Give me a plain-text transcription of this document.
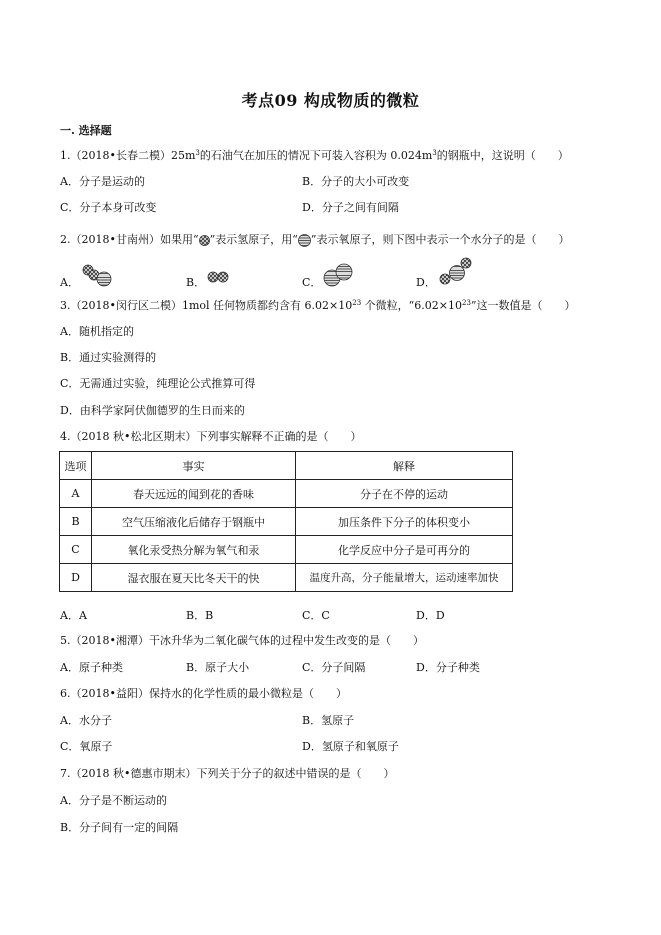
考点09 构成物质的微粒
一. 选择题
1.（2018•长春二模）$25m^3$的石油气在加压的情况下可装入容积为 $0.024m^3$的钢瓶中，这说明（　　）
A．分子是运动的	B．分子的大小可改变
C．分子本身可改变	D．分子之间有间隔
2.（2018•甘南州）如果用“ ”表示氢原子，用“ ”表示氧原子，则下图中表示一个水分子的是（　　）
A．	B．	C．	D．
3.（2018•闵行区二模）1mol 任何物质都约含有 $6.02\times 10^{23}$ 个微粒，“$6.02\times 10^{23}$”这一数值是（　　）
A．随机指定的
B．通过实验测得的
C．无需通过实验，纯理论公式推算可得
D．由科学家阿伏伽德罗的生日而来的
4.（2018 秋•松北区期末）下列事实解释不正确的是（　　）
选项	事实	解释
A	春天远远的闻到花的香味	分子在不停的运动
B	空气压缩液化后储存于钢瓶中	加压条件下分子的体积变小
C	氧化汞受热分解为氧气和汞	化学反应中分子是可再分的
D	湿衣服在夏天比冬天干的快	温度升高，分子能量增大，运动速率加快
A．A	B．B	C．C	D．D
5.（2018•湘潭）干冰升华为二氧化碳气体的过程中发生改变的是（　　）
A．原子种类	B．原子大小	C．分子间隔	D．分子种类
6.（2018•益阳）保持水的化学性质的最小微粒是（　　）
A．水分子	B．氢原子
C．氧原子	D．氢原子和氧原子
7.（2018 秋•德惠市期末）下列关于分子的叙述中错误的是（　　）
A．分子是不断运动的
B．分子间有一定的间隔
